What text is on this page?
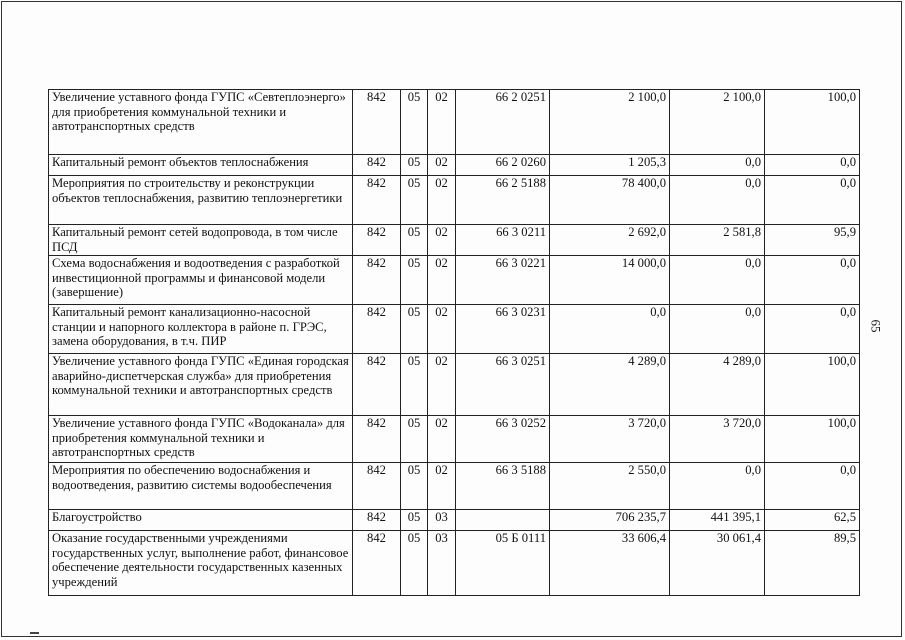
Увеличение уставного фонда ГУПС «Севтеплоэнерго» для приобретения коммунальной техники и автотранспортных средств	842	05	02	66 2 0251	2 100,0	2 100,0	100,0
Капитальный ремонт объектов теплоснабжения	842	05	02	66 2 0260	1 205,3	0,0	0,0
Мероприятия по строительству и реконструкции объектов теплоснабжения, развитию теплоэнергетики	842	05	02	66 2 5188	78 400,0	0,0	0,0
Капитальный ремонт сетей водопровода, в том числе ПСД	842	05	02	66 3 0211	2 692,0	2 581,8	95,9
Схема водоснабжения и водоотведения с разработкой инвестиционной программы и финансовой модели (завершение)	842	05	02	66 3 0221	14 000,0	0,0	0,0
Капитальный ремонт канализационно-насосной станции и напорного коллектора в районе п. ГРЭС, замена оборудования, в т.ч. ПИР	842	05	02	66 3 0231	0,0	0,0	0,0
Увеличение уставного фонда ГУПС «Единая городская аварийно-диспетчерская служба» для приобретения коммунальной техники и автотранспортных средств	842	05	02	66 3 0251	4 289,0	4 289,0	100,0
Увеличение уставного фонда ГУПС «Водоканала» для приобретения коммунальной техники и автотранспортных средств	842	05	02	66 3 0252	3 720,0	3 720,0	100,0
Мероприятия по обеспечению водоснабжения и водоотведения, развитию системы водообеспечения	842	05	02	66 3 5188	2 550,0	0,0	0,0
Благоустройство	842	05	03		706 235,7	441 395,1	62,5
Оказание государственными учреждениями государственных услуг, выполнение работ, финансовое обеспечение деятельности государственных казенных учреждений	842	05	03	05 Б 0111	33 606,4	30 061,4	89,5
65
